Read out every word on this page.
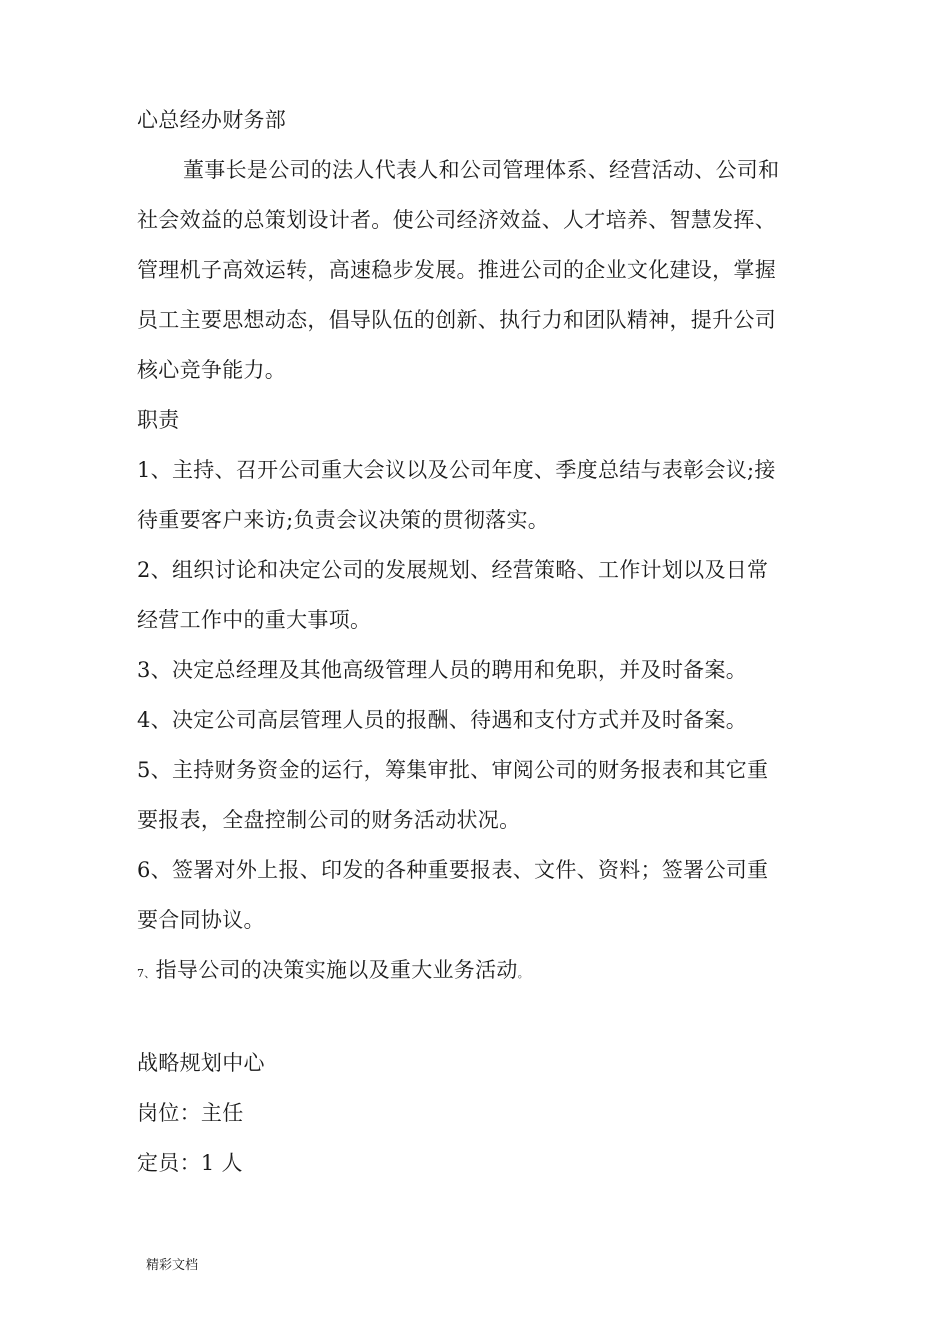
心总经办财务部
董事长是公司的法人代表人和公司管理体系、经营活动、公司和
社会效益的总策划设计者。使公司经济效益、人才培养、智慧发挥、
管理机子高效运转，高速稳步发展。推进公司的企业文化建设，掌握
员工主要思想动态，倡导队伍的创新、执行力和团队精神，提升公司
核心竞争能力。
职责
1、主持、召开公司重大会议以及公司年度、季度总结与表彰会议;接
待重要客户来访;负责会议决策的贯彻落实。
2、组织讨论和决定公司的发展规划、经营策略、工作计划以及日常
经营工作中的重大事项。
3、决定总经理及其他高级管理人员的聘用和免职，并及时备案。
4、决定公司高层管理人员的报酬、待遇和支付方式并及时备案。
5、主持财务资金的运行，筹集审批、审阅公司的财务报表和其它重
要报表，全盘控制公司的财务活动状况。
6、签署对外上报、印发的各种重要报表、文件、资料；签署公司重
要合同协议。
7、指导公司的决策实施以及重大业务活动。
战略规划中心
岗位：主任
定员：1 人
精彩文档
